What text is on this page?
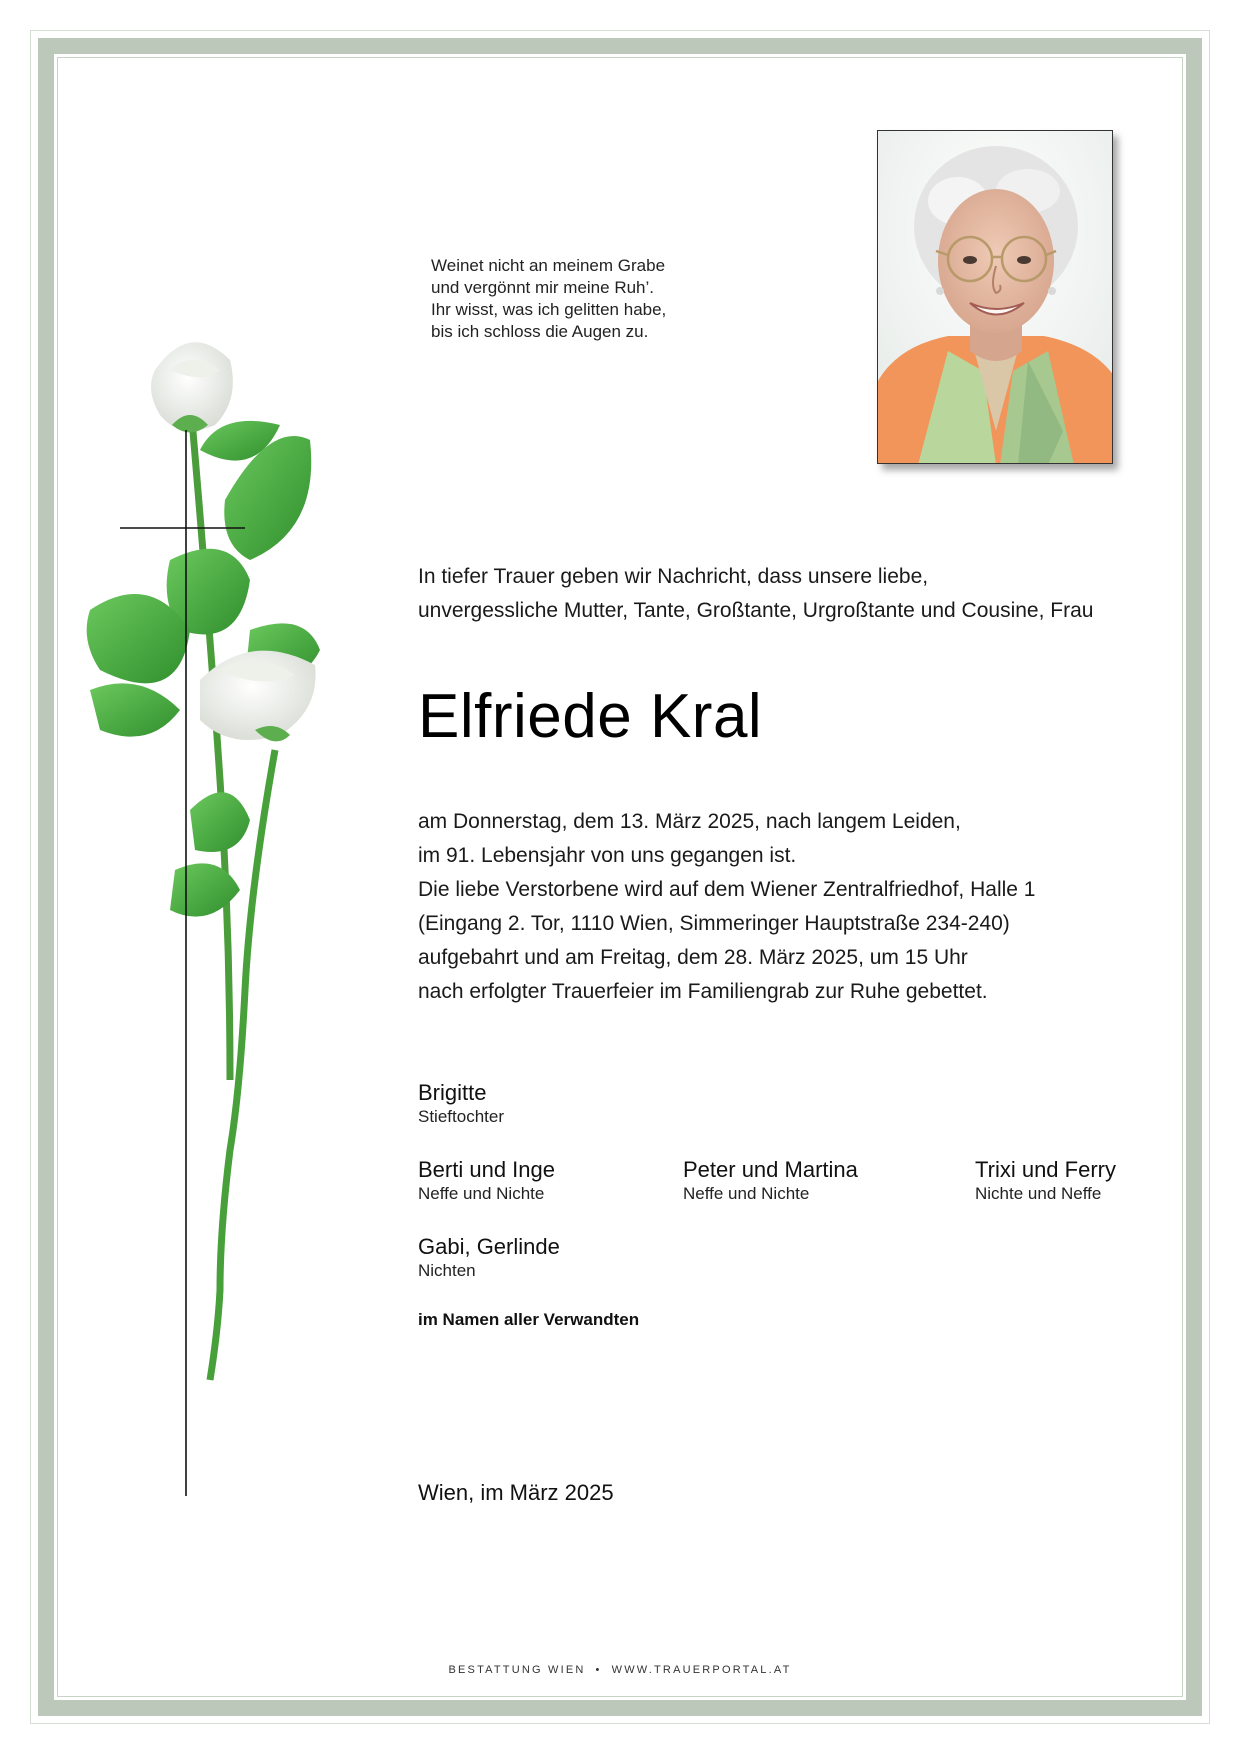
Weinet nicht an meinem Grabe
und vergönnt mir meine Ruh’.
Ihr wisst, was ich gelitten habe,
bis ich schloss die Augen zu.
In tiefer Trauer geben wir Nachricht, dass unsere liebe,
unvergessliche Mutter, Tante, Großtante, Urgroßtante und Cousine, Frau
Elfriede Kral
am Donnerstag, dem 13. März 2025, nach langem Leiden,
im 91. Lebensjahr von uns gegangen ist.
Die liebe Verstorbene wird auf dem Wiener Zentralfriedhof, Halle 1
(Eingang 2. Tor, 1110 Wien, Simmeringer Hauptstraße 234-240)
aufgebahrt und am Freitag, dem 28. März 2025, um 15 Uhr
nach erfolgter Trauerfeier im Familiengrab zur Ruhe gebettet.
Brigitte
Stieftochter
Berti und Inge
Neffe und Nichte
Peter und Martina
Neffe und Nichte
Trixi und Ferry
Nichte und Neffe
Gabi, Gerlinde
Nichten
im Namen aller Verwandten
Wien, im März 2025
BESTATTUNG WIEN • WWW.TRAUERPORTAL.AT
